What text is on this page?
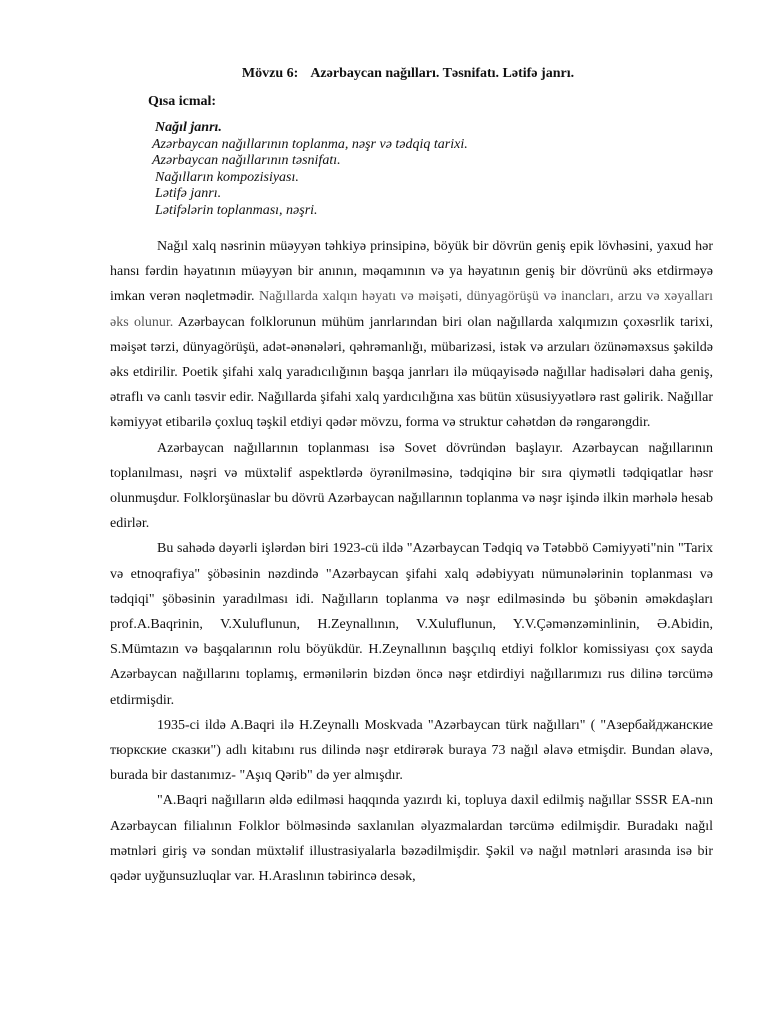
Mövzu 6: Azərbaycan nağılları. Təsnifatı. Lətifə janrı.
Qısa icmal:
Nağıl janrı.
Azərbaycan nağıllarının toplanma, nəşr və tədqiq tarixi.
Azərbaycan nağıllarının təsnifatı.
Nağılların kompozisiyası.
Lətifə janrı.
Lətifələrin toplanması, nəşri.

Nağıl xalq nəsrinin müəyyən təhkiyə prinsipinə, böyük bir dövrün geniş epik lövhəsini, yaxud hər hansı fərdin həyatının müəyyən bir anının, məqamının və ya həyatının geniş bir dövrünü əks etdirməyə imkan verən nəqletmədir. Nağıllarda xalqın həyatı və məişəti, dünyagörüşü və inancları, arzu və xəyalları əks olunur. Azərbaycan folklorunun mühüm janrlarından biri olan nağıllarda xalqımızın çoxəsrlik tarixi, məişət tərzi, dünyagörüşü, adət-ənənələri, qəhrəmanlığı, mübarizəsi, istək və arzuları özünəməxsus şəkildə əks etdirilir. Poetik şifahi xalq yaradıcılığının başqa janrları ilə müqayisədə nağıllar hadisələri daha geniş, ətraflı və canlı təsvir edir. Nağıllarda şifahi xalq yardıcılığına xas bütün xüsusiyyətlərə rast gəlirik. Nağıllar kəmiyyət etibarilə çoxluq təşkil etdiyi qədər mövzu, forma və struktur cəhətdən də rəngarəngdir.

Azərbaycan nağıllarının toplanması isə Sovet dövründən başlayır. Azərbaycan nağıllarının toplanılması, nəşri və müxtəlif aspektlərdə öyrənilməsinə, tədqiqinə bir sıra qiymətli tədqiqatlar həsr olunmuşdur. Folklorşünaslar bu dövrü Azərbaycan nağıllarının toplanma və nəşr işində ilkin mərhələ hesab edirlər.

Bu sahədə dəyərli işlərdən biri 1923-cü ildə "Azərbaycan Tədqiq və Tətəbbö Cəmiyyəti"nin "Tarix və etnoqrafiya" şöbəsinin nəzdində "Azərbaycan şifahi xalq ədəbiyyatı nümunələrinin toplanması və tədqiqi" şöbəsinin yaradılması idi. Nağılların toplanma və nəşr edilməsində bu şöbənin əməkdaşları prof.A.Baqrinin, V.Xuluflunun, H.Zeynallının, V.Xuluflunun, Y.V.Çəmənzəminlinin, Ə.Abidin, S.Mümtazın və başqalarının rolu böyükdür. H.Zeynallının başçılıq etdiyi folklor komissiyası çox sayda Azərbaycan nağıllarını toplamış, ermənilərin bizdən öncə nəşr etdirdiyi nağıllarımızı rus dilinə tərcümə etdirmişdir.

1935-ci ildə A.Baqri ilə H.Zeynallı Moskvada "Azərbaycan türk nağılları" ( "Азербайджанские тюркские сказки") adlı kitabını rus dilində nəşr etdirərək buraya 73 nağıl əlavə etmişdir. Bundan əlavə, burada bir dastanımız- "Aşıq Qərib" də yer almışdır.

"A.Baqri nağılların əldə edilməsi haqqında yazırdı ki, topluya daxil edilmiş nağıllar SSSR EA-nın Azərbaycan filialının Folklor bölməsində saxlanılan əlyazmalardan tərcümə edilmişdir. Buradakı nağıl mətnləri giriş və sondan müxtəlif illustrasiyalarla bəzədilmişdir. Şəkil və nağıl mətnləri arasında isə bir qədər uyğunsuzluqlar var. H.Araslının təbirincə desək,
